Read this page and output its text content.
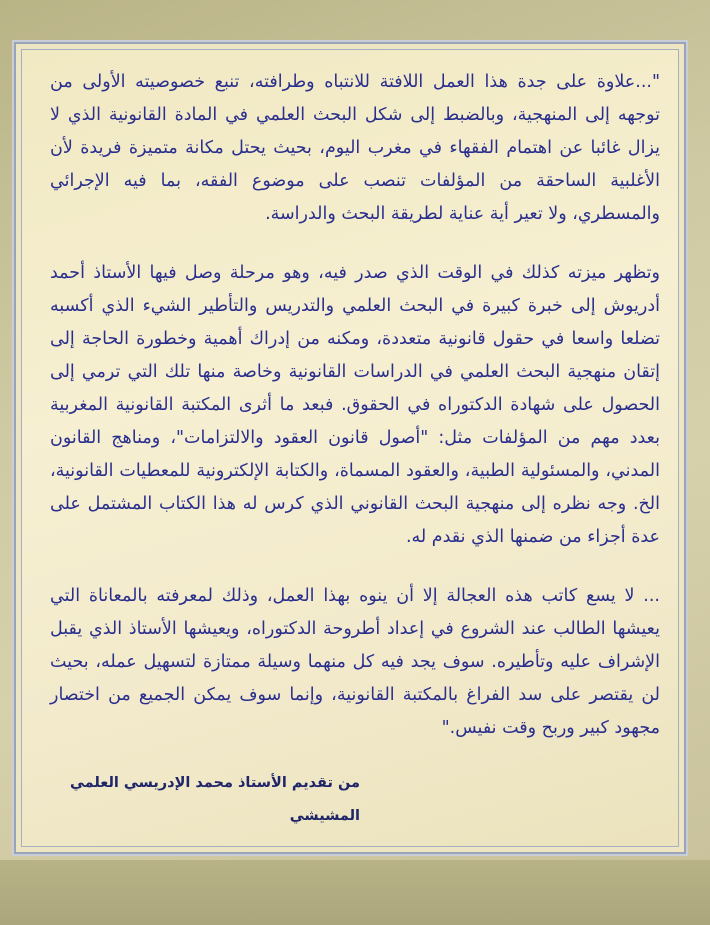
"...علاوة على جدة هذا العمل اللافتة للانتباه وطرافته، تنبع خصوصيته الأولى من توجهه إلى المنهجية، وبالضبط إلى شكل البحث العلمي في المادة القانونية الذي لا يزال غائبا عن اهتمام الفقهاء في مغرب اليوم، بحيث يحتل مكانة متميزة فريدة لأن الأغلبية الساحقة من المؤلفات تنصب على موضوع الفقه، بما فيه الإجرائي والمسطري، ولا تعير أية عناية لطريقة البحث والدراسة.

وتظهر ميزته كذلك في الوقت الذي صدر فيه، وهو مرحلة وصل فيها الأستاذ أحمد أدريوش إلى خبرة كبيرة في البحث العلمي والتدريس والتأطير الشيء الذي أكسبه تضلعا واسعا في حقول قانونية متعددة، ومكنه من إدراك أهمية وخطورة الحاجة إلى إتقان منهجية البحث العلمي في الدراسات القانونية وخاصة منها تلك التي ترمي إلى الحصول على شهادة الدكتوراه في الحقوق. فبعد ما أثرى المكتبة القانونية المغربية بعدد مهم من المؤلفات مثل: "أصول قانون العقود والالتزامات"، ومناهج القانون المدني، والمسئولية الطبية، والعقود المسماة، والكتابة الإلكترونية للمعطيات القانونية، الخ. وجه نظره إلى منهجية البحث القانوني الذي كرس له هذا الكتاب المشتمل على عدة أجزاء من ضمنها الذي نقدم له.

... لا يسع كاتب هذه العجالة إلا أن ينوه بهذا العمل، وذلك لمعرفته بالمعاناة التي يعيشها الطالب عند الشروع في إعداد أطروحة الدكتوراه، ويعيشها الأستاذ الذي يقبل الإشراف عليه وتأطيره. سوف يجد فيه كل منهما وسيلة ممتازة لتسهيل عمله، بحيث لن يقتصر على سد الفراغ بالمكتبة القانونية، وإنما سوف يمكن الجميع من اختصار مجهود كبير وربح وقت نفيس."

من تقديم الأستاذ محمد الإدريسي العلمي المشيشي
